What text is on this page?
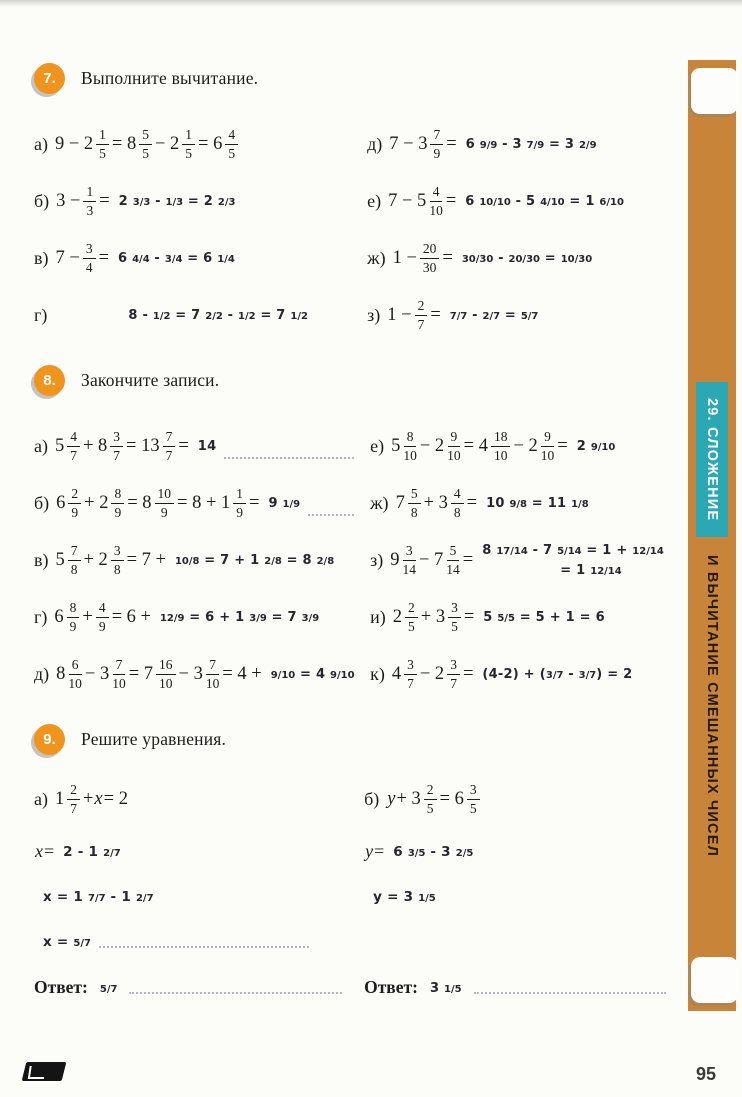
7.	Выполните вычитание.
а) $9 - 2 \frac{1}{5} = 8 \frac{5}{5} - 2 \frac{1}{5} = 6 \frac{4}{5}$
б) $3 - \frac{1}{3} = 2$ 3/3 - 1/3 = 2 2/3
в) $7 - \frac{3}{4} = 6$ 4/4 - 3/4 = 6 1/4
г)	8 - 1/2 = 7 2/2 - 1/2 = 7 1/2
д) $7 - 3 \frac{7}{9} = 6$ 9/9 - 3 7/9 = 3 2/9
е) $7 - 5 \frac{4}{10} = 6$ 10/10 - 5 4/10 = 1 6/10
ж) $1 - \frac{20}{30} = 30/30 - 20/30 = 10/30$
з) $1 - \frac{2}{7} = 7/7 - 2/7 = 5/7$
8.	Закончите записи.
а) $5 \frac{4}{7} + 8 \frac{3}{7} = 13 \frac{7}{7} = 14$
б) $6 \frac{2}{9} + 2 \frac{8}{9} = 8 \frac{10}{9} = 8 + 1 \frac{1}{9} = 9$ 1/9
в) $5 \frac{7}{8} + 2 \frac{3}{8} = 7 + 10/8 = 7 + 1$ 2/8 = 8 2/8
г) $6 \frac{8}{9} + \frac{4}{9} = 6 + 12/9 = 6 + 1$ 3/9 = 7 3/9
д) $8 \frac{6}{10} - 3 \frac{7}{10} = 7 \frac{16}{10} - 3 \frac{7}{10} = 4 + 9/10 = 4$ 9/10
е) $5 \frac{8}{10} - 2 \frac{9}{10} = 4 \frac{18}{10} - 2 \frac{9}{10} = 2$ 9/10
ж) $7 \frac{5}{8} + 3 \frac{4}{8} = 10$ 9/8 = 11 1/8
з) $9 \frac{3}{14} - 7 \frac{5}{14} = 8$ 17/14 - 7 5/14 = 1 + 12/14
= 1 12/14
и) $2 \frac{2}{5} + 3 \frac{3}{5} = 5$ 5/5 = 5 + 1 = 6
к) $4 \frac{3}{7} - 2 \frac{3}{7} = (4-2) + (3/7 - 3/7) = 2$
9.	Решите уравнения.
а) $1 \frac{2}{7} + x = 2$
x = 2 - 1 2/7
x = 1 7/7 - 1 2/7
x = 5/7
Ответ: 5/7
б) $y + 3 \frac{2}{5} = 6 \frac{3}{5}$
y = 6 3/5 - 3 2/5
y = 3 1/5
Ответ: 3 1/5
29. СЛОЖЕНИЕ И ВЫЧИТАНИЕ СМЕШАННЫХ ЧИСЕЛ
95
